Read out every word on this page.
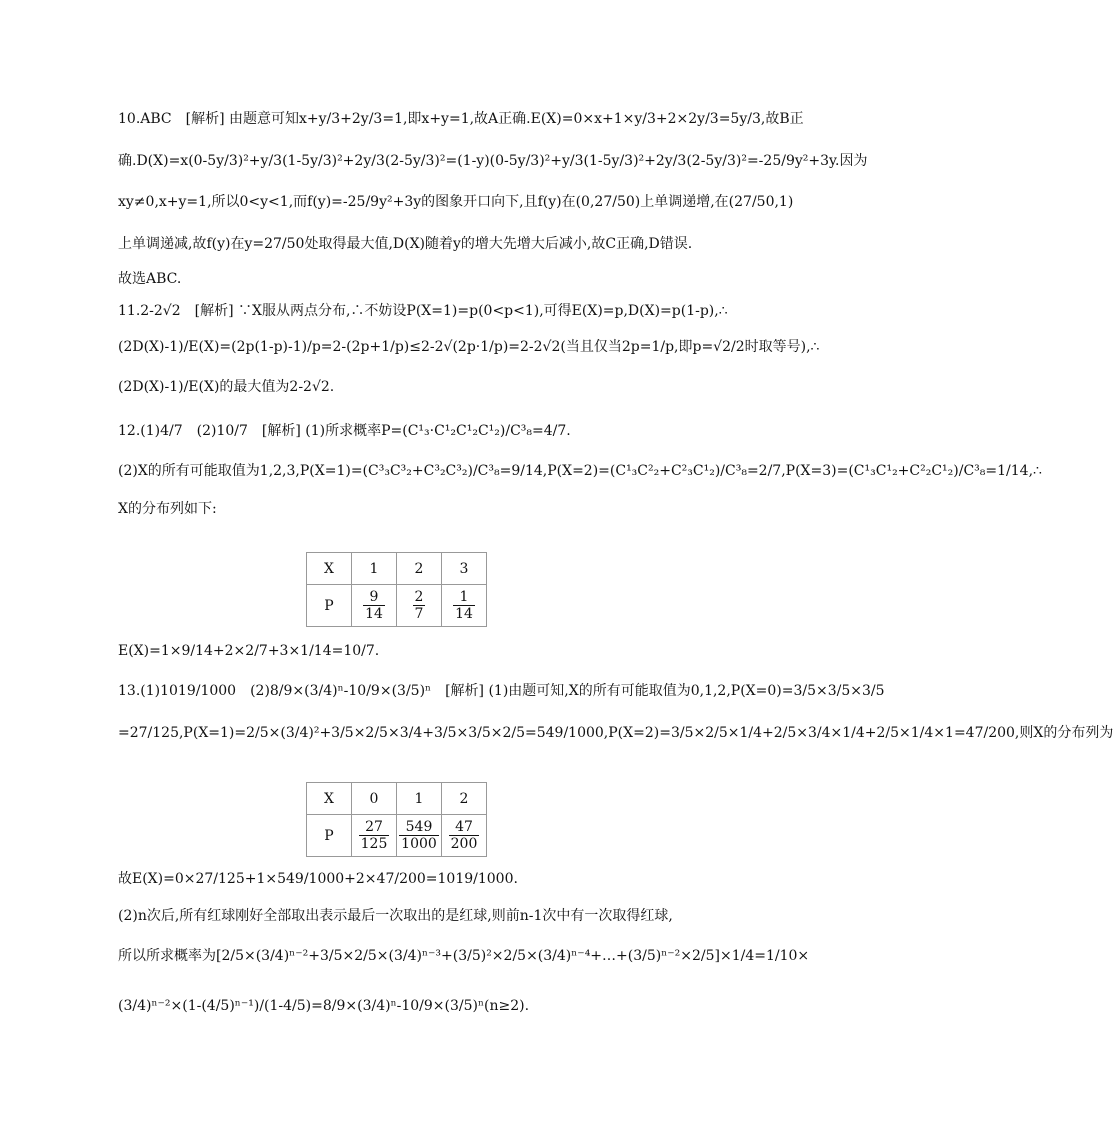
10.ABC　[解析] 由题意可知x+y/3+2y/3=1,即x+y=1,故A正确.E(X)=0×x+1×y/3+2×2y/3=5y/3,故B正
确.D(X)=x(0-5y/3)²+y/3(1-5y/3)²+2y/3(2-5y/3)²=(1-y)(0-5y/3)²+y/3(1-5y/3)²+2y/3(2-5y/3)²=-25/9y²+3y.因为
xy≠0,x+y=1,所以0<y<1,而f(y)=-25/9y²+3y的图象开口向下,且f(y)在(0,27/50)上单调递增,在(27/50,1)
上单调递减,故f(y)在y=27/50处取得最大值,D(X)随着y的增大先增大后减小,故C正确,D错误.
故选ABC.
11.2-2√2　[解析] ∵X服从两点分布,∴不妨设P(X=1)=p(0<p<1),可得E(X)=p,D(X)=p(1-p),∴
(2D(X)-1)/E(X)=(2p(1-p)-1)/p=2-(2p+1/p)≤2-2√(2p·1/p)=2-2√2(当且仅当2p=1/p,即p=√2/2时取等号),∴
(2D(X)-1)/E(X)的最大值为2-2√2.
12.(1)4/7　(2)10/7　[解析] (1)所求概率P=(C¹₃·C¹₂C¹₂C¹₂)/C³₈=4/7.
(2)X的所有可能取值为1,2,3,P(X=1)=(C³₃C³₂+C³₂C³₂)/C³₈=9/14,P(X=2)=(C¹₃C²₂+C²₃C¹₂)/C³₈=2/7,P(X=3)=(C¹₃C¹₂+C²₂C¹₂)/C³₈=1/14,∴
X的分布列如下:
E(X)=1×9/14+2×2/7+3×1/14=10/7.
13.(1)1019/1000　(2)8/9×(3/4)ⁿ-10/9×(3/5)ⁿ　[解析] (1)由题可知,X的所有可能取值为0,1,2,P(X=0)=3/5×3/5×3/5
=27/125,P(X=1)=2/5×(3/4)²+3/5×2/5×3/4+3/5×3/5×2/5=549/1000,P(X=2)=3/5×2/5×1/4+2/5×3/4×1/4+2/5×1/4×1=47/200,则X的分布列为
故E(X)=0×27/125+1×549/1000+2×47/200=1019/1000.
(2)n次后,所有红球刚好全部取出表示最后一次取出的是红球,则前n-1次中有一次取得红球,
所以所求概率为[2/5×(3/4)ⁿ⁻²+3/5×2/5×(3/4)ⁿ⁻³+(3/5)²×2/5×(3/4)ⁿ⁻⁴+…+(3/5)ⁿ⁻²×2/5]×1/4=1/10×
(3/4)ⁿ⁻²×(1-(4/5)ⁿ⁻¹)/(1-4/5)=8/9×(3/4)ⁿ-10/9×(3/5)ⁿ(n≥2).
X	1	2	3
P	$\frac{9}{14}$	$\frac{2}{7}$	$\frac{1}{14}$
X	0	1	2
P	$\frac{27}{125}$	$\frac{549}{1000}$	$\frac{47}{200}$
